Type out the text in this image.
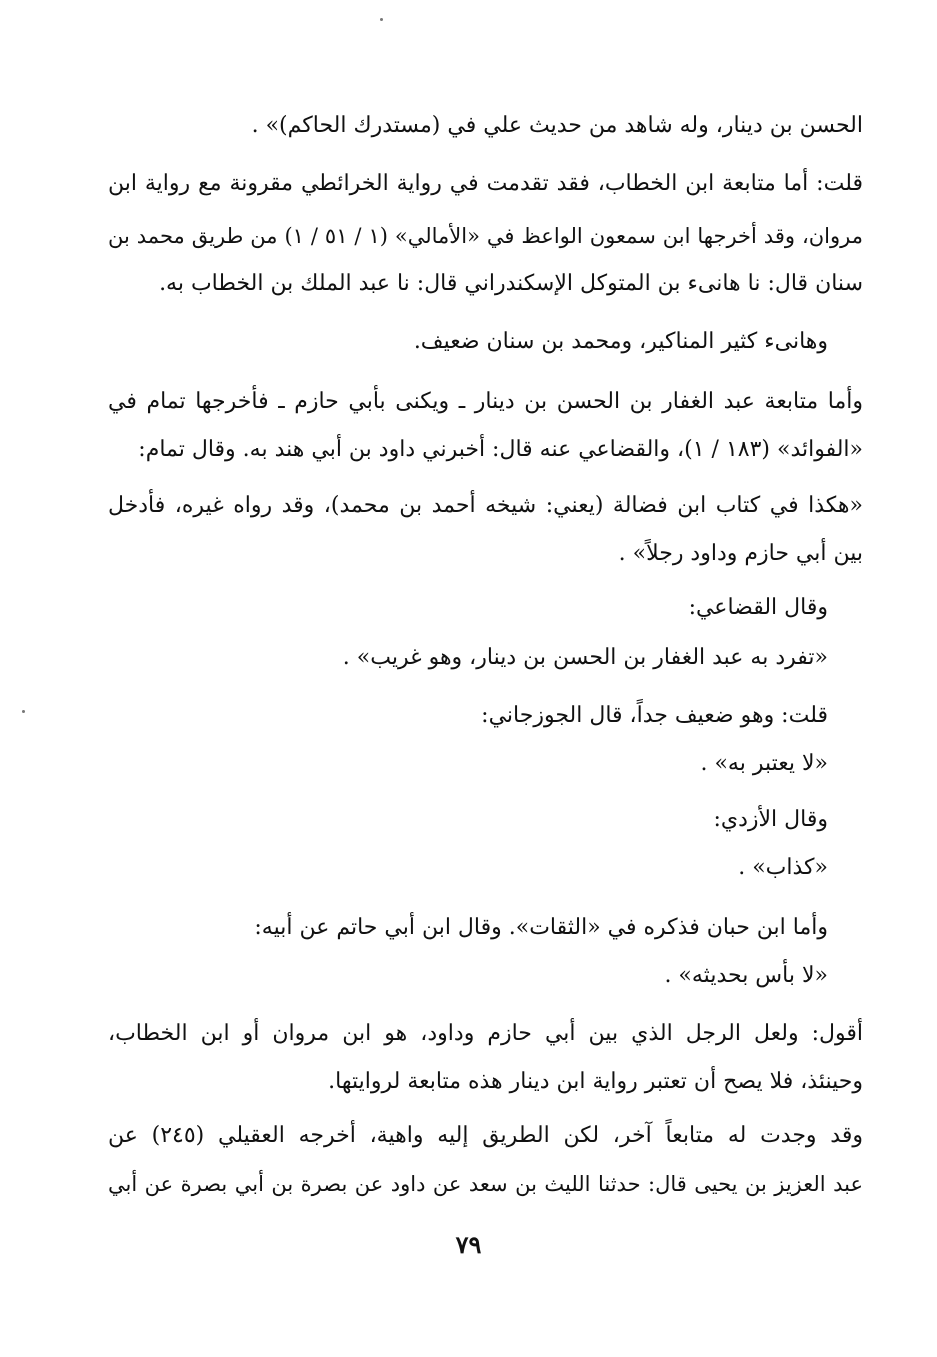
الحسن بن دينار، وله شاهد من حديث علي في (مستدرك الحاكم)» .
قلت: أما متابعة ابن الخطاب، فقد تقدمت في رواية الخرائطي مقرونة مع رواية ابن
مروان، وقد أخرجها ابن سمعون الواعظ في «الأمالي» (١ / ٥١ / ١) من طريق محمد بن
سنان قال: نا هانىء بن المتوكل الإسكندراني قال: نا عبد الملك بن الخطاب به.
وهانىء كثير المناكير، ومحمد بن سنان ضعيف.
وأما متابعة عبد الغفار بن الحسن بن دينار ـ ويكنى بأبي حازم ـ فأخرجها تمام في
«الفوائد» (١٨٣ / ١)، والقضاعي عنه قال: أخبرني داود بن أبي هند به. وقال تمام:
«هكذا في كتاب ابن فضالة (يعني: شيخه أحمد بن محمد)، وقد رواه غيره، فأدخل
بين أبي حازم وداود رجلاً» .
وقال القضاعي:
«تفرد به عبد الغفار بن الحسن بن دينار، وهو غريب» .
قلت: وهو ضعيف جداً، قال الجوزجاني:
«لا يعتبر به» .
وقال الأزدي:
«كذاب» .
وأما ابن حبان فذكره في «الثقات». وقال ابن أبي حاتم عن أبيه:
«لا بأس بحديثه» .
أقول: ولعل الرجل الذي بين أبي حازم وداود، هو ابن مروان أو ابن الخطاب،
وحينئذ، فلا يصح أن تعتبر رواية ابن دينار هذه متابعة لروايتها.
وقد وجدت له متابعاً آخر، لكن الطريق إليه واهية، أخرجه العقيلي (٢٤٥) عن
عبد العزيز بن يحيى قال: حدثنا الليث بن سعد عن داود عن بصرة بن أبي بصرة عن أبي
٧٩
